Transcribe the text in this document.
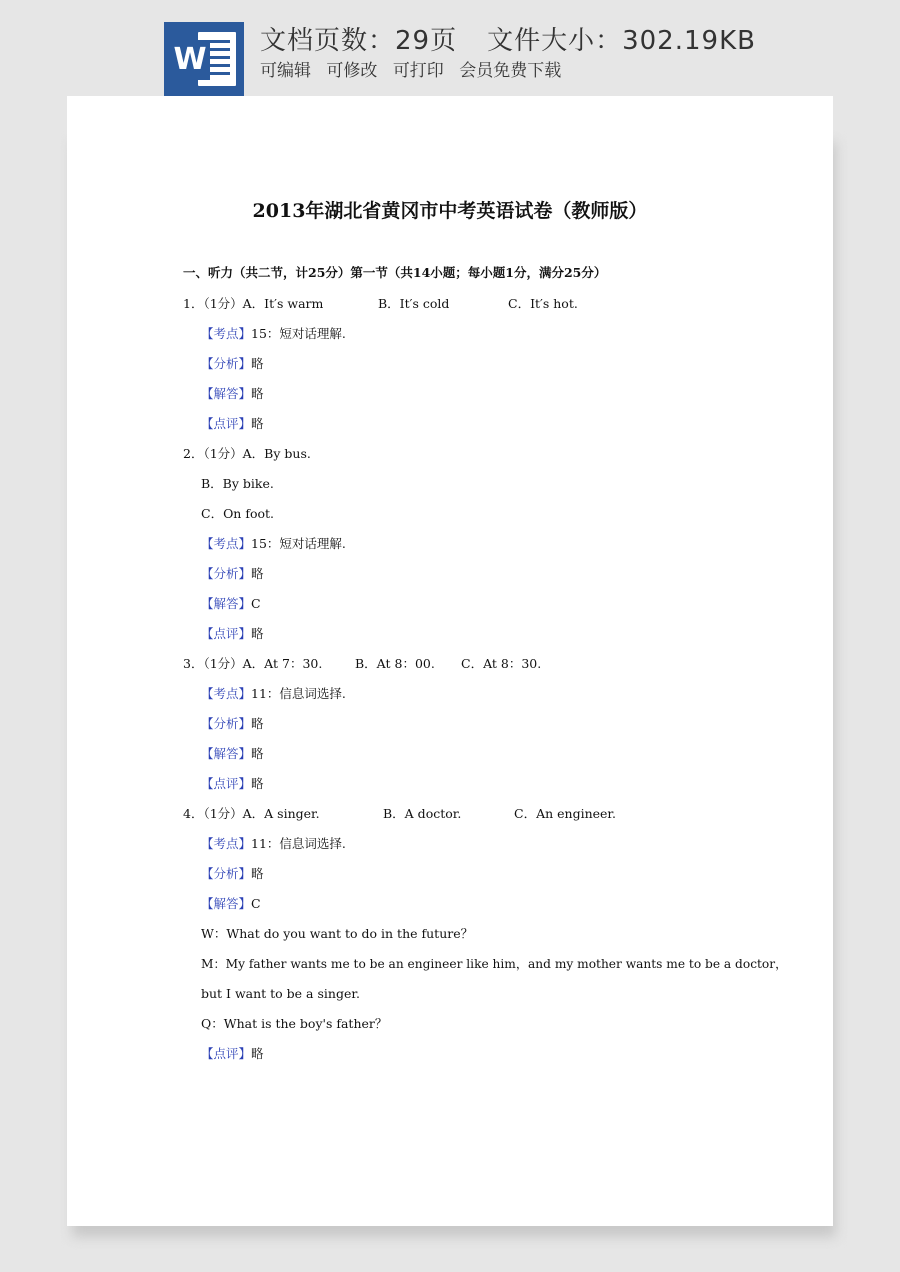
W
文档页数：29页 文件大小：302.19KB
可编辑 可修改 可打印 会员免费下载
2013年湖北省黄冈市中考英语试卷（教师版）
一、听力（共二节，计25分）第一节（共14小题；每小题1分，满分25分）
1．（1分）A．It′s warm	B．It′s cold	C．It′s hot.
【考点】15：短对话理解.
【分析】略
【解答】略
【点评】略
2．（1分）A．By bus.
B．By bike.
C．On foot.
【考点】15：短对话理解.
【分析】略
【解答】C
【点评】略
3．（1分）A．At 7：30.	B．At 8：00. C．At 8：30.
【考点】11：信息词选择.
【分析】略
【解答】略
【点评】略
4．（1分）A．A singer.	B．A doctor.	C．An engineer.
【考点】11：信息词选择.
【分析】略
【解答】C
W：What do you want to do in the future？
M：My father wants me to be an engineer like him，and my mother wants me to be a doctor，
but I want to be a singer.
Q：What is the boy's father？
【点评】略
